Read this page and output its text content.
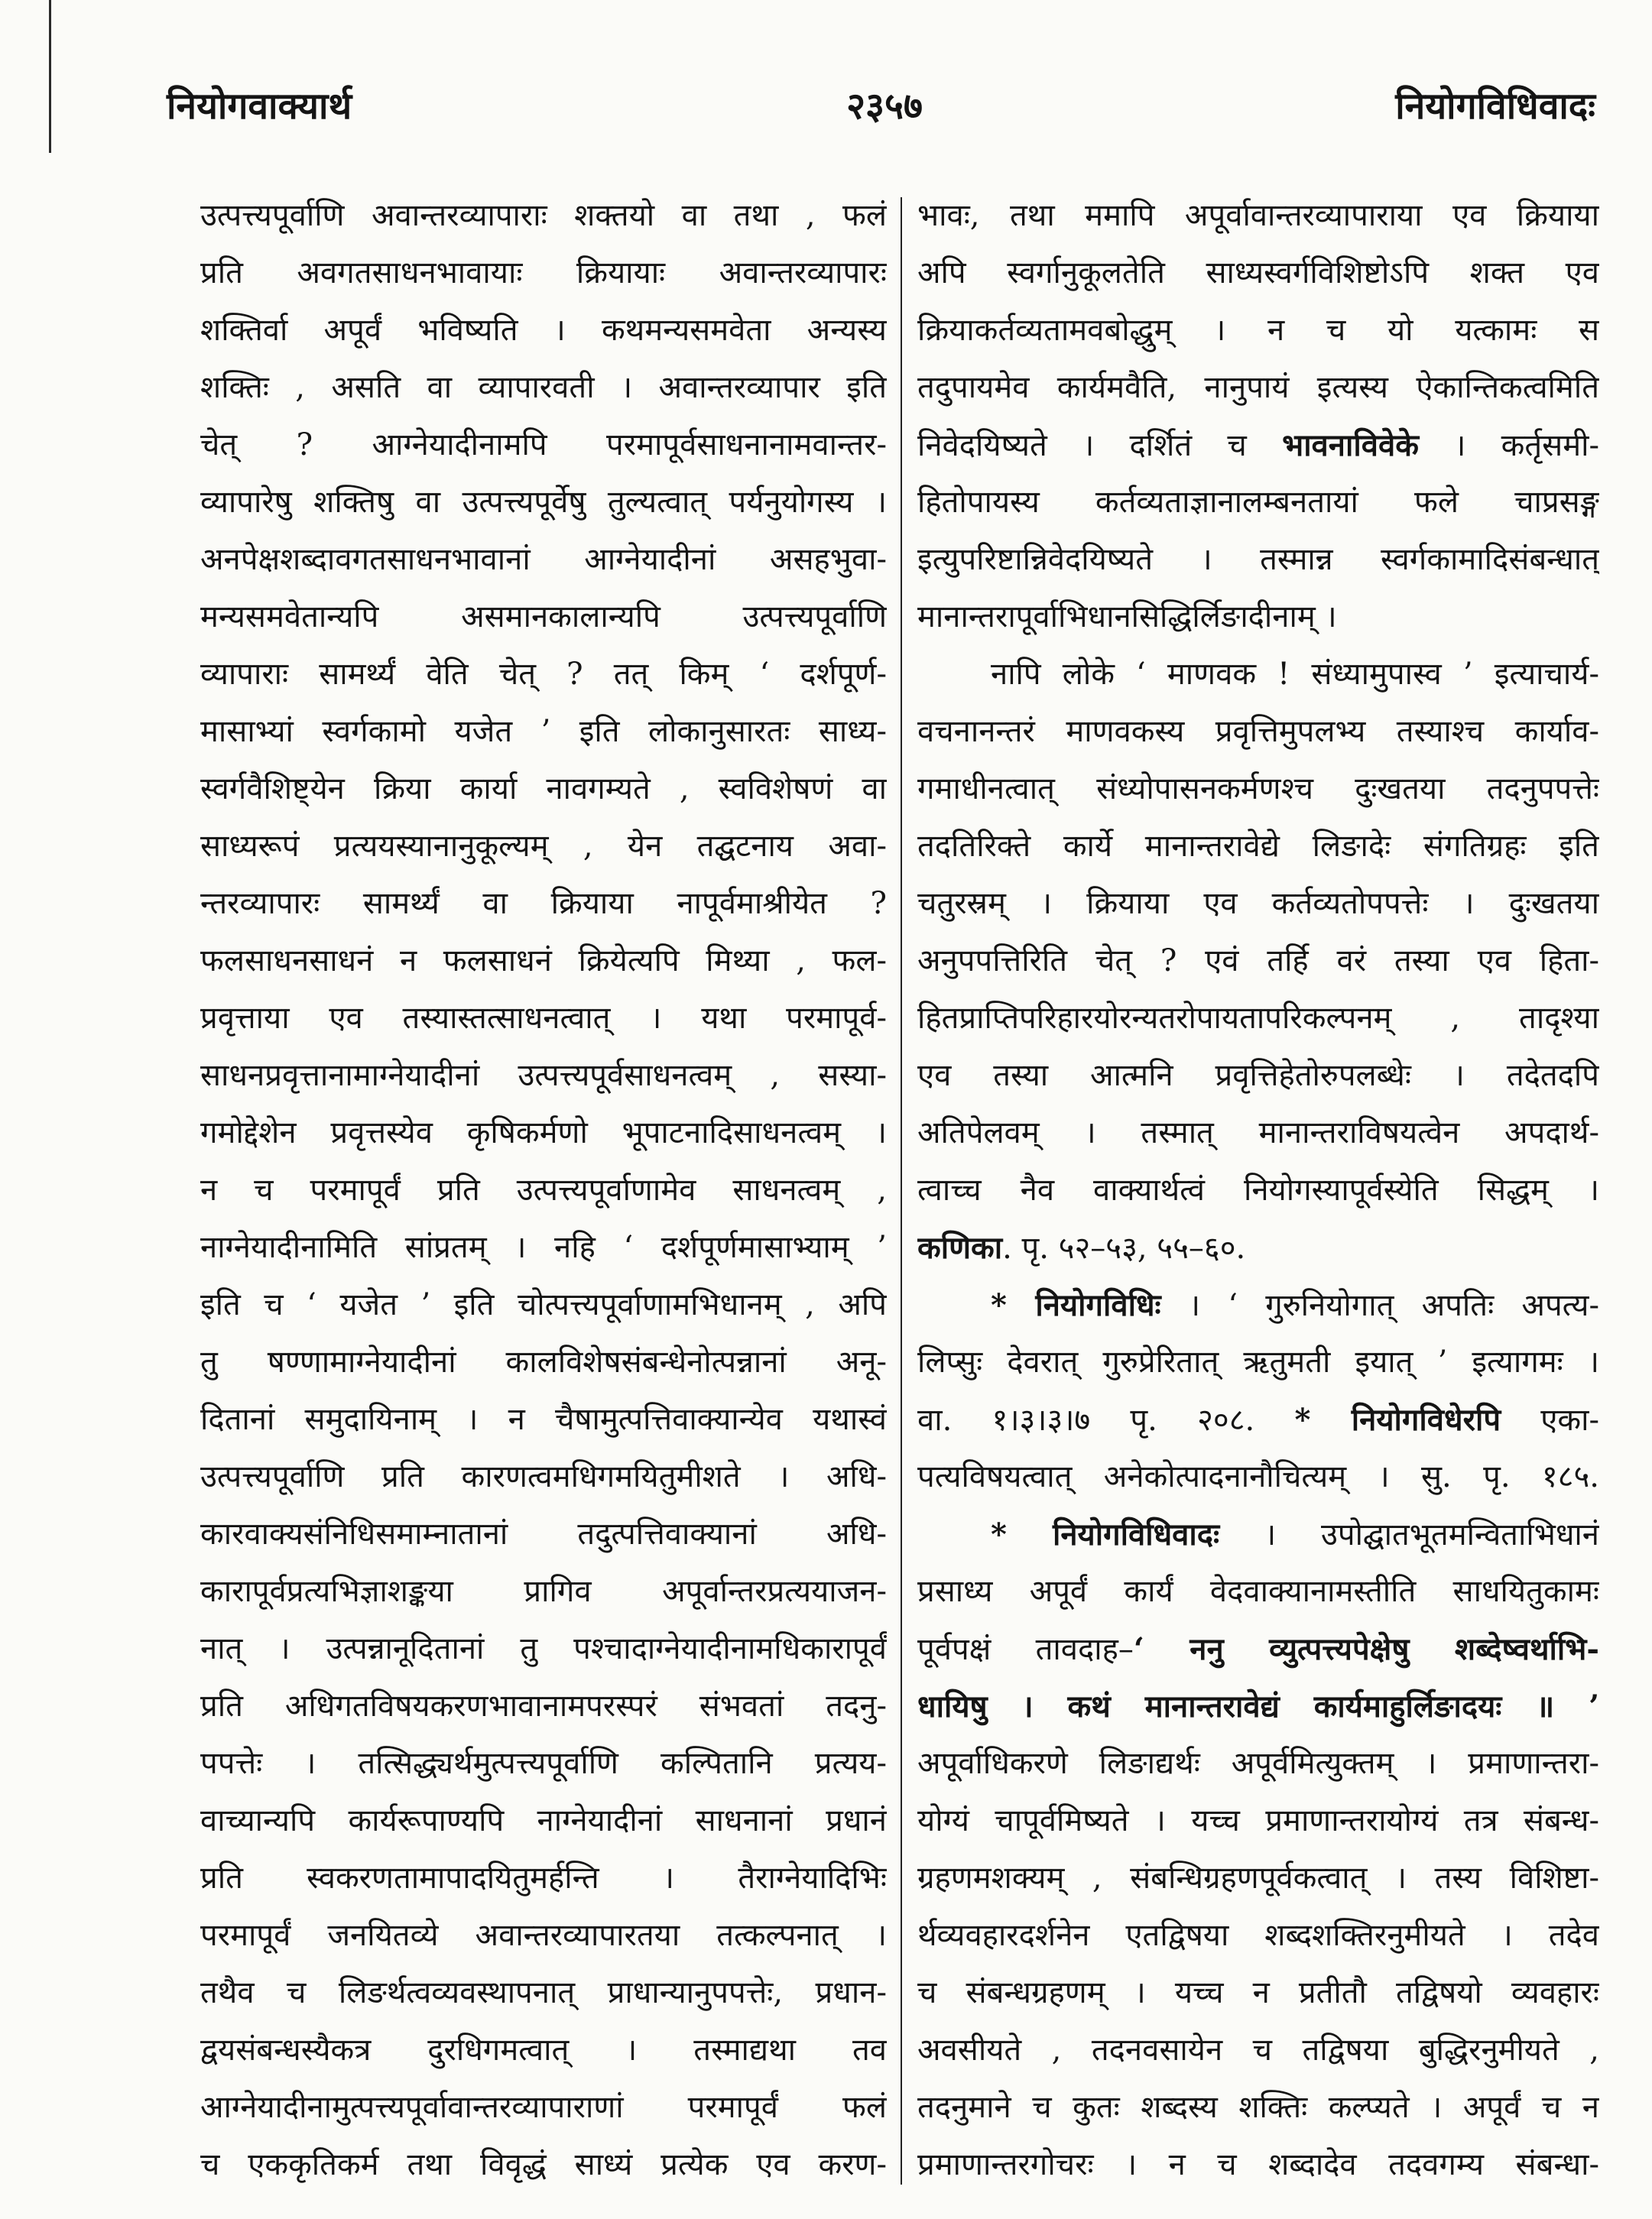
नियोगवाक्यार्थ	२३५७	नियोगविधिवादः
उत्पत्त्यपूर्वाणि अवान्तरव्यापाराः शक्तयो वा तथा , फलं
प्रति अवगतसाधनभावायाः क्रियायाः अवान्तरव्यापारः
शक्तिर्वा अपूर्वं भविष्यति । कथमन्यसमवेता अन्यस्य
शक्तिः , असति वा व्यापारवती । अवान्तरव्यापार इति
चेत् ? आग्नेयादीनामपि परमापूर्वसाधनानामवान्तर-
व्यापारेषु शक्तिषु वा उत्पत्त्यपूर्वेषु तुल्यत्वात् पर्यनुयोगस्य ।
अनपेक्षशब्दावगतसाधनभावानां आग्नेयादीनां असहभुवा-
मन्यसमवेतान्यपि असमानकालान्यपि उत्पत्त्यपूर्वाणि
व्यापाराः सामर्थ्यं वेति चेत् ? तत् किम् ‘ दर्शपूर्ण-
मासाभ्यां स्वर्गकामो यजेत ’ इति लोकानुसारतः साध्य-
स्वर्गवैशिष्ट्येन क्रिया कार्या नावगम्यते , स्वविशेषणं वा
साध्यरूपं प्रत्ययस्यानानुकूल्यम् , येन तद्घटनाय अवा-
न्तरव्यापारः सामर्थ्यं वा क्रियाया नापूर्वमाश्रीयेत ?
फलसाधनसाधनं न फलसाधनं क्रियेत्यपि मिथ्या , फल-
प्रवृत्ताया एव तस्यास्तत्साधनत्वात् । यथा परमापूर्व-
साधनप्रवृत्तानामाग्नेयादीनां उत्पत्त्यपूर्वसाधनत्वम् , सस्या-
गमोद्देशेन प्रवृत्तस्येव कृषिकर्मणो भूपाटनादिसाधनत्वम् ।
न च परमापूर्वं प्रति उत्पत्त्यपूर्वाणामेव साधनत्वम् ,
नाग्नेयादीनामिति सांप्रतम् । नहि ‘ दर्शपूर्णमासाभ्याम् ’
इति च ‘ यजेत ’ इति चोत्पत्त्यपूर्वाणामभिधानम् , अपि
तु षण्णामाग्नेयादीनां कालविशेषसंबन्धेनोत्पन्नानां अनू-
दितानां समुदायिनाम् । न चैषामुत्पत्तिवाक्यान्येव यथास्वं
उत्पत्त्यपूर्वाणि प्रति कारणत्वमधिगमयितुमीशते । अधि-
कारवाक्यसंनिधिसमाम्नातानां तदुत्पत्तिवाक्यानां अधि-
कारापूर्वप्रत्यभिज्ञाशङ्कया प्रागिव अपूर्वान्तरप्रत्ययाजन-
नात् । उत्पन्नानूदितानां तु पश्चादाग्नेयादीनामधिकारापूर्वं
प्रति अधिगतविषयकरणभावानामपरस्परं संभवतां तदनु-
पपत्तेः । तत्सिद्ध्यर्थमुत्पत्त्यपूर्वाणि कल्पितानि प्रत्यय-
वाच्यान्यपि कार्यरूपाण्यपि नाग्नेयादीनां साधनानां प्रधानं
प्रति स्वकरणतामापादयितुमर्हन्ति । तैराग्नेयादिभिः
परमापूर्वं जनयितव्ये अवान्तरव्यापारतया तत्कल्पनात् ।
तथैव च लिङर्थत्वव्यवस्थापनात् प्राधान्यानुपपत्तेः, प्रधान-
द्वयसंबन्धस्यैकत्र दुरधिगमत्वात् । तस्माद्यथा तव
आग्नेयादीनामुत्पत्त्यपूर्वावान्तरव्यापाराणां परमापूर्वं फलं
च एककृतिकर्म तथा विवृद्धं साध्यं प्रत्येक एव करण-
भावः, तथा ममापि अपूर्वावान्तरव्यापाराया एव क्रियाया
अपि स्वर्गानुकूलतेति साध्यस्वर्गविशिष्टोऽपि शक्त एव
क्रियाकर्तव्यतामवबोद्धुम् । न च यो यत्कामः स
तदुपायमेव कार्यमवैति, नानुपायं इत्यस्य ऐकान्तिकत्वमिति
निवेदयिष्यते । दर्शितं च भावनाविवेके । कर्तृसमी-
हितोपायस्य कर्तव्यताज्ञानालम्बनतायां फले चाप्रसङ्ग
इत्युपरिष्टान्निवेदयिष्यते । तस्मान्न स्वर्गकामादिसंबन्धात्
मानान्तरापूर्वाभिधानसिद्धिर्लिङादीनाम् ।
नापि लोके ‘ माणवक ! संध्यामुपास्व ’ इत्याचार्य-
वचनानन्तरं माणवकस्य प्रवृत्तिमुपलभ्य तस्याश्च कार्याव-
गमाधीनत्वात् संध्योपासनकर्मणश्च दुःखतया तदनुपपत्तेः
तदतिरिक्ते कार्ये मानान्तरावेद्ये लिङादेः संगतिग्रहः इति
चतुरस्रम् । क्रियाया एव कर्तव्यतोपपत्तेः । दुःखतया
अनुपपत्तिरिति चेत् ? एवं तर्हि वरं तस्या एव हिता-
हितप्राप्तिपरिहारयोरन्यतरोपायतापरिकल्पनम् , तादृश्या
एव तस्या आत्मनि प्रवृत्तिहेतोरुपलब्धेः । तदेतदपि
अतिपेलवम् । तस्मात् मानान्तराविषयत्वेन अपदार्थ-
त्वाच्च नैव वाक्यार्थत्वं नियोगस्यापूर्वस्येति सिद्धम् ।
कणिका. पृ. ५२–५३, ५५–६०.
* नियोगविधिः । ‘ गुरुनियोगात् अपतिः अपत्य-
लिप्सुः देवरात् गुरुप्रेरितात् ऋतुमती इयात् ’ इत्यागमः ।
वा. १।३।३।७ पृ. २०८. * नियोगविधेरपि एका-
पत्यविषयत्वात् अनेकोत्पादनानौचित्यम् । सु. पृ. १८५.
* नियोगविधिवादः । उपोद्घातभूतमन्विताभिधानं
प्रसाध्य अपूर्वं कार्यं वेदवाक्यानामस्तीति साधयितुकामः
पूर्वपक्षं तावदाह–‘ ननु व्युत्पत्त्यपेक्षेषु शब्देष्वर्थाभि-
धायिषु । कथं मानान्तरावेद्यं कार्यमाहुर्लिङादयः ॥ ’
अपूर्वाधिकरणे लिङाद्यर्थः अपूर्वमित्युक्तम् । प्रमाणान्तरा-
योग्यं चापूर्वमिष्यते । यच्च प्रमाणान्तरायोग्यं तत्र संबन्ध-
ग्रहणमशक्यम् , संबन्धिग्रहणपूर्वकत्वात् । तस्य विशिष्टा-
र्थव्यवहारदर्शनेन एतद्विषया शब्दशक्तिरनुमीयते । तदेव
च संबन्धग्रहणम् । यच्च न प्रतीतौ तद्विषयो व्यवहारः
अवसीयते , तदनवसायेन च तद्विषया बुद्धिरनुमीयते ,
तदनुमाने च कुतः शब्दस्य शक्तिः कल्प्यते । अपूर्वं च न
प्रमाणान्तरगोचरः । न च शब्दादेव तदवगम्य संबन्धा-
